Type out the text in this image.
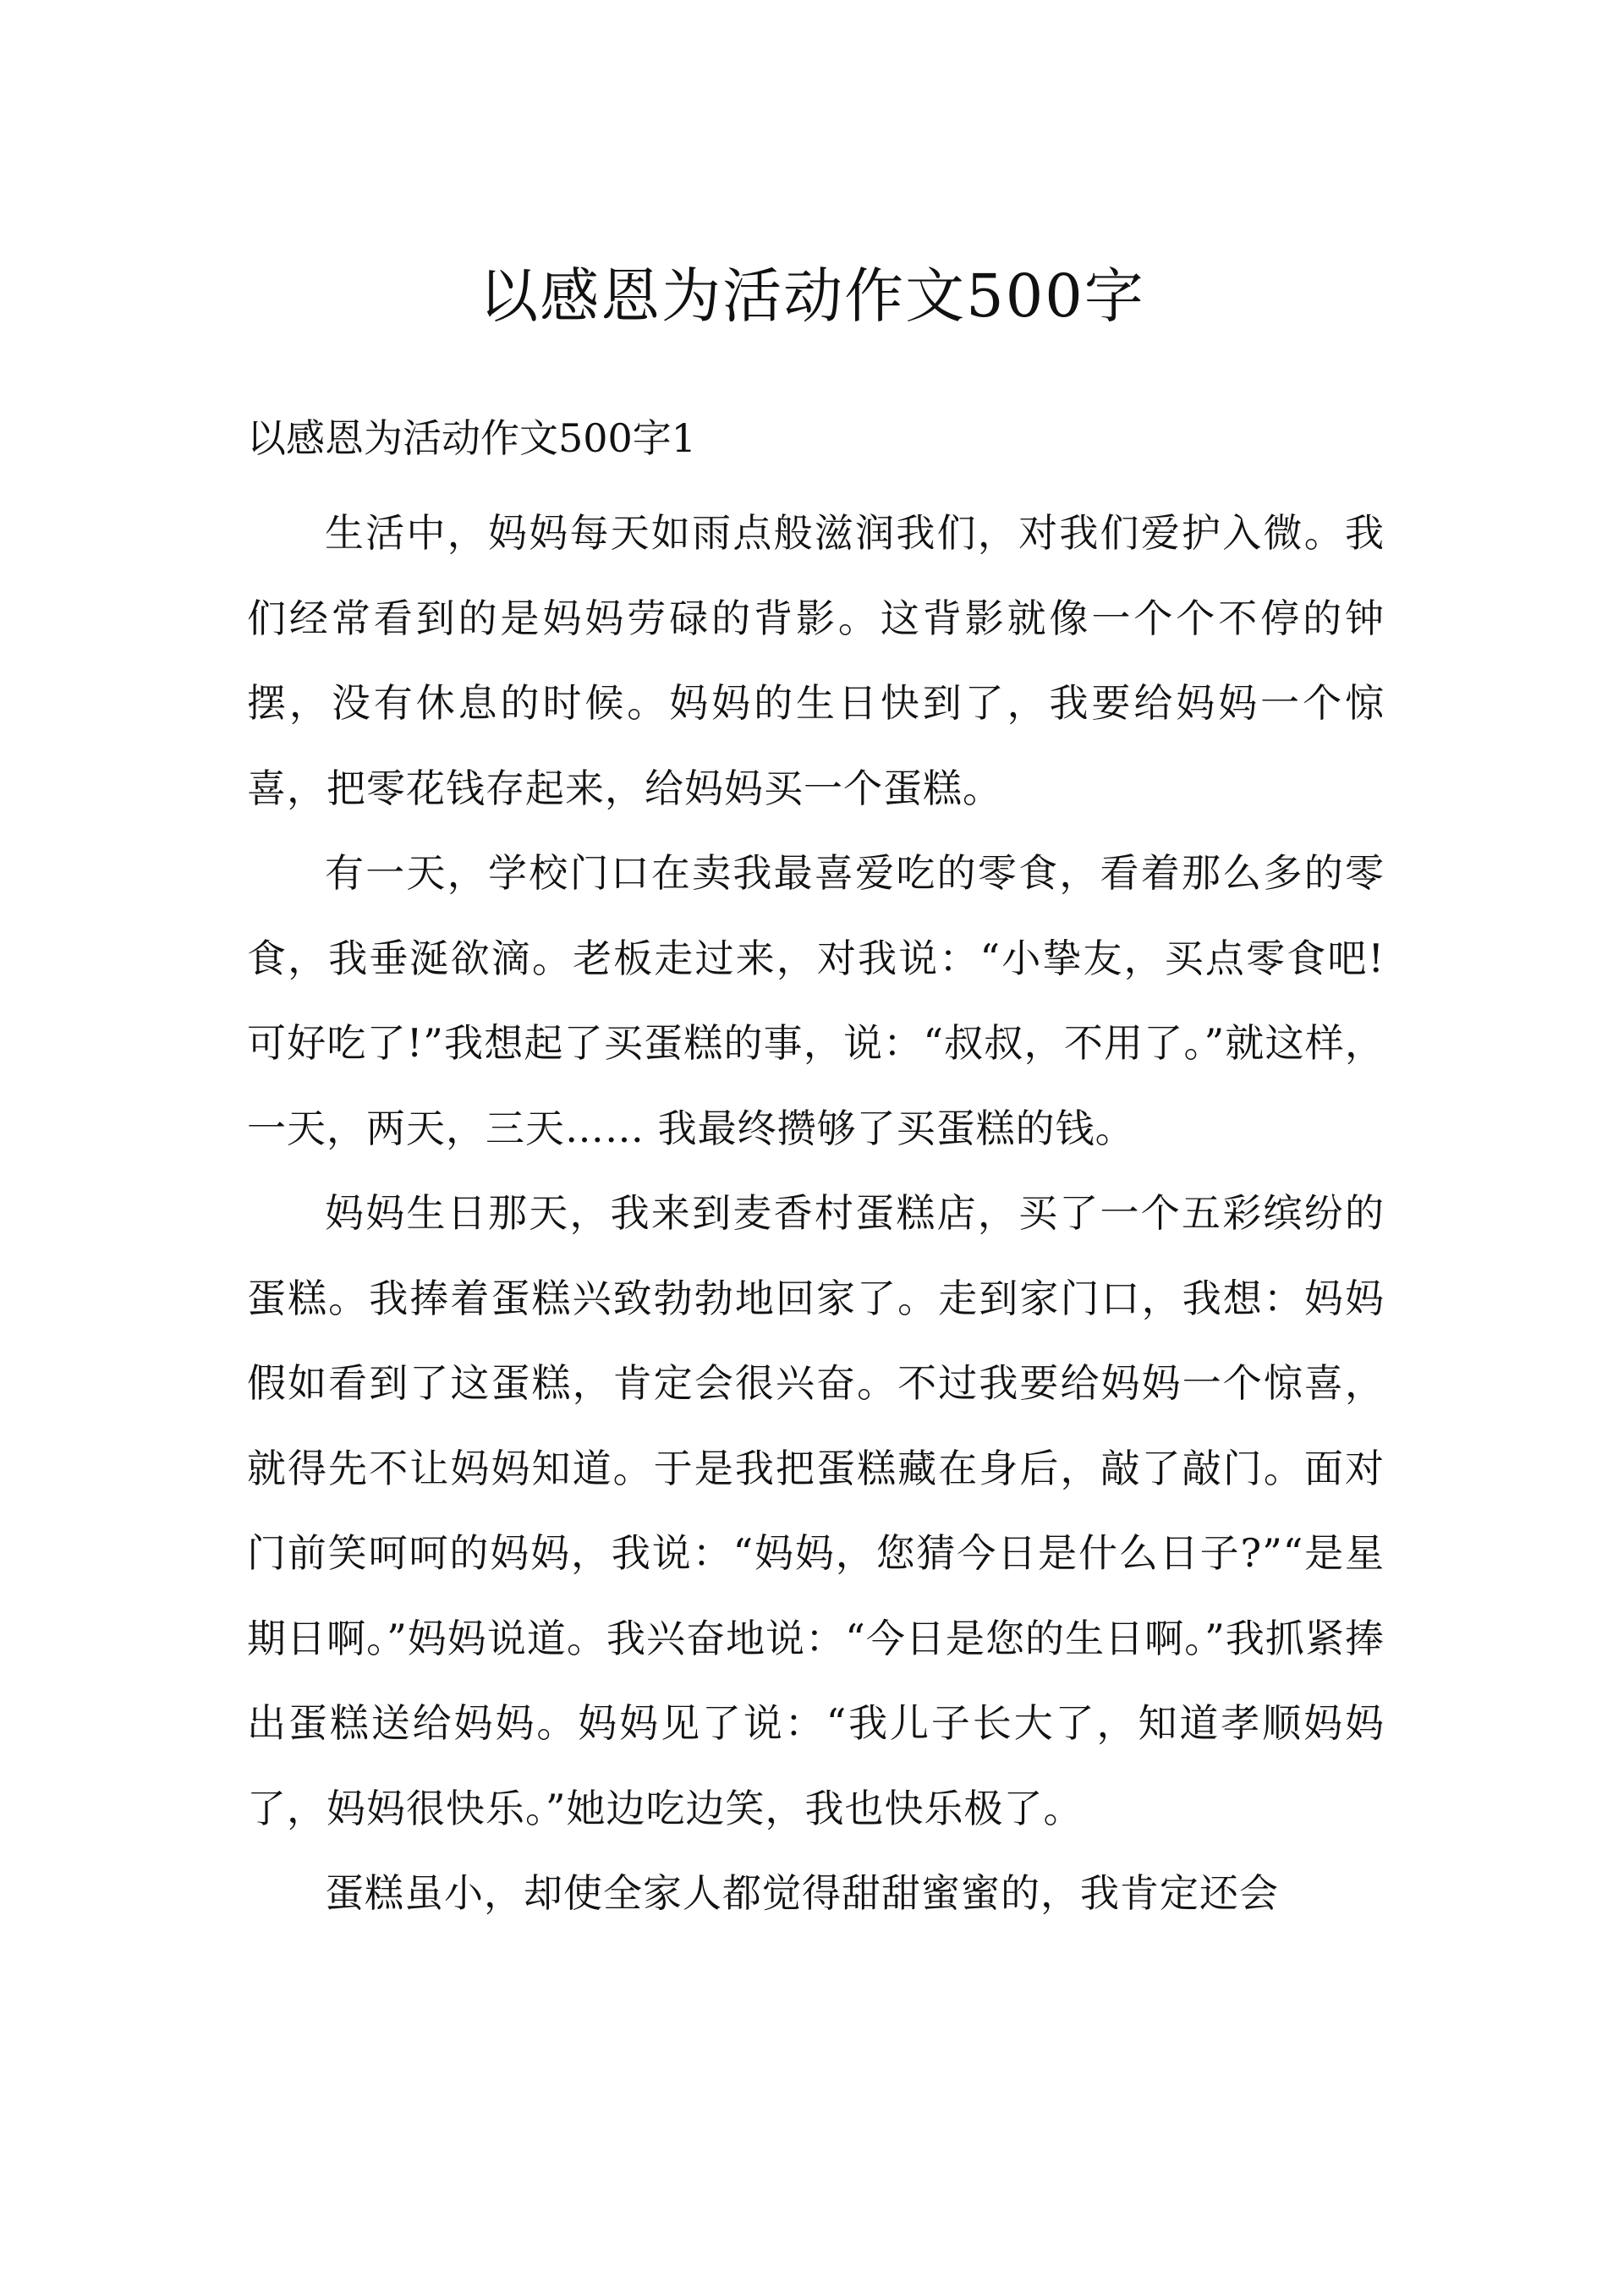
以感恩为活动作文500字
以感恩为活动作文500字1

生活中，妈妈每天如雨点般滋润我们，对我们爱护入微。我们经常看到的是妈妈劳碌的背影。这背影就像一个个不停的钟摆，没有休息的时候。妈妈的生日快到了，我要给妈妈一个惊喜，把零花钱存起来，给妈妈买一个蛋糕。

有一天，学校门口在卖我最喜爱吃的零食，看着那么多的零食，我垂涎欲滴。老板走过来，对我说：“小挚友，买点零食吧!可好吃了!”我想起了买蛋糕的事，说：“叔叔，不用了。”就这样，一天，两天，三天…… 我最终攒够了买蛋糕的钱。

妈妈生日那天，我来到麦香村蛋糕店，买了一个五彩缤纷的蛋糕。我捧着蛋糕兴致勃勃地回家了。走到家门口，我想：妈妈假如看到了这蛋糕，肯定会很兴奋。不过我要给妈妈一个惊喜，就得先不让妈妈知道。于是我把蛋糕藏在身后，敲了敲门。面对门前笑呵呵的妈妈，我说：“妈妈，您猜今日是什么日子?”“是星期日啊。”妈妈说道。我兴奋地说：“今日是您的生日啊。”我抓紧捧出蛋糕送给妈妈。妈妈见了说：“我儿子长大了，知道孝顺妈妈了，妈妈很快乐。”她边吃边笑，我也快乐极了。

蛋糕虽小，却使全家人都觉得甜甜蜜蜜的，我肯定还会
